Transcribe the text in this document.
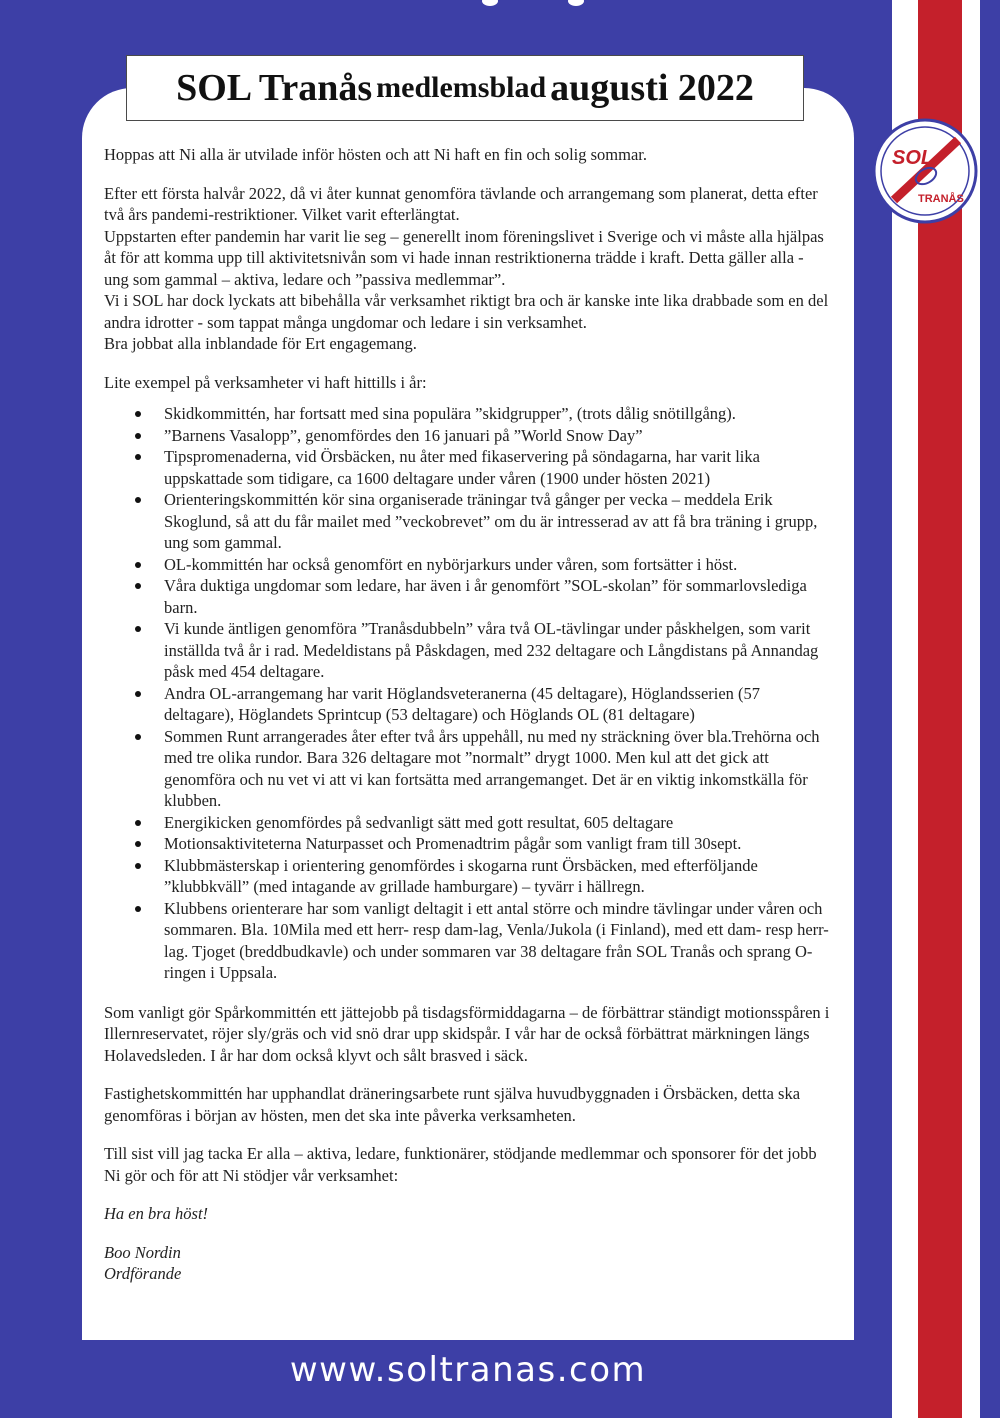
SOL Tranås
medlemsblad
augusti 2022

Hoppas att Ni alla är utvilade inför hösten och att Ni haft en fin och solig sommar.

Efter ett första halvår 2022, då vi åter kunnat genomföra tävlande och arrangemang som planerat, detta efter två års pandemi-restriktioner. Vilket varit efterlängtat.
Uppstarten efter pandemin har varit lie seg – generellt inom föreningslivet i Sverige och vi måste alla hjälpas åt för att komma upp till aktivitetsnivån som vi hade innan restriktionerna trädde i kraft. Detta gäller alla - ung som gammal – aktiva, ledare och ”passiva medlemmar”.
Vi i SOL har dock lyckats att bibehålla vår verksamhet riktigt bra och är kanske inte lika drabbade som en del andra idrotter - som tappat många ungdomar och ledare i sin verksamhet.
Bra jobbat alla inblandade för Ert engagemang.

Lite exempel på verksamheter vi haft hittills i år:

Skidkommittén, har fortsatt med sina populära ”skidgrupper”, (trots dålig snötillgång).
”Barnens Vasalopp”, genomfördes den 16 januari på ”World Snow Day”
Tipspromenaderna, vid Örsbäcken, nu åter med fikaservering på söndagarna, har varit lika uppskattade som tidigare, ca 1600 deltagare under våren (1900 under hösten 2021)
Orienteringskommittén kör sina organiserade träningar två gånger per vecka – meddela Erik Skoglund, så att du får mailet med ”veckobrevet” om du är intresserad av att få bra träning i grupp, ung som gammal.
OL-kommittén har också genomfört en nybörjarkurs under våren, som fortsätter i höst.
Våra duktiga ungdomar som ledare, har även i år genomfört ”SOL-skolan” för sommarlovslediga barn.
Vi kunde äntligen genomföra ”Tranåsdubbeln” våra två OL-tävlingar under påskhelgen, som varit inställda två år i rad. Medeldistans på Påskdagen, med 232 deltagare och Långdistans på Annandag påsk med 454 deltagare.
Andra OL-arrangemang har varit Höglandsveteranerna (45 deltagare), Höglandsserien (57 deltagare), Höglandets Sprintcup (53 deltagare) och Höglands OL (81 deltagare)
Sommen Runt arrangerades åter efter två års uppehåll, nu med ny sträckning över bla.Trehörna och med tre olika rundor. Bara 326 deltagare mot ”normalt” drygt 1000. Men kul att det gick att genomföra och nu vet vi att vi kan fortsätta med arrangemanget. Det är en viktig inkomstkälla för klubben.
Energikicken genomfördes på sedvanligt sätt med gott resultat, 605 deltagare
Motionsaktiviteterna Naturpasset och Promenadtrim pågår som vanligt fram till 30sept.
Klubbmästerskap i orientering genomfördes i skogarna runt Örsbäcken, med efterföljande ”klubbkväll” (med intagande av grillade hamburgare) – tyvärr i hällregn.
Klubbens orienterare har som vanligt deltagit i ett antal större och mindre tävlingar under våren och sommaren. Bla. 10Mila med ett herr- resp dam-lag, Venla/Jukola (i Finland), med ett dam- resp herr-lag. Tjoget (breddbudkavle) och under sommaren var 38 deltagare från SOL Tranås och sprang O-ringen i Uppsala.

Som vanligt gör Spårkommittén ett jättejobb på tisdagsförmiddagarna – de förbättrar ständigt motionsspåren i Illernreservatet, röjer sly/gräs och vid snö drar upp skidspår. I vår har de också förbättrat märkningen längs Holavedsleden. I år har dom också klyvt och sålt brasved i säck.

Fastighetskommittén har upphandlat dräneringsarbete runt själva huvudbyggnaden i Örsbäcken, detta ska genomföras i början av hösten, men det ska inte påverka verksamheten.

Till sist vill jag tacka Er alla – aktiva, ledare, funktionärer, stödjande medlemmar och sponsorer för det jobb Ni gör och för att Ni stödjer vår verksamhet:

Ha en bra höst!

Boo Nordin

Ordförande

www.soltranas.com
SOL
TRANÅS
